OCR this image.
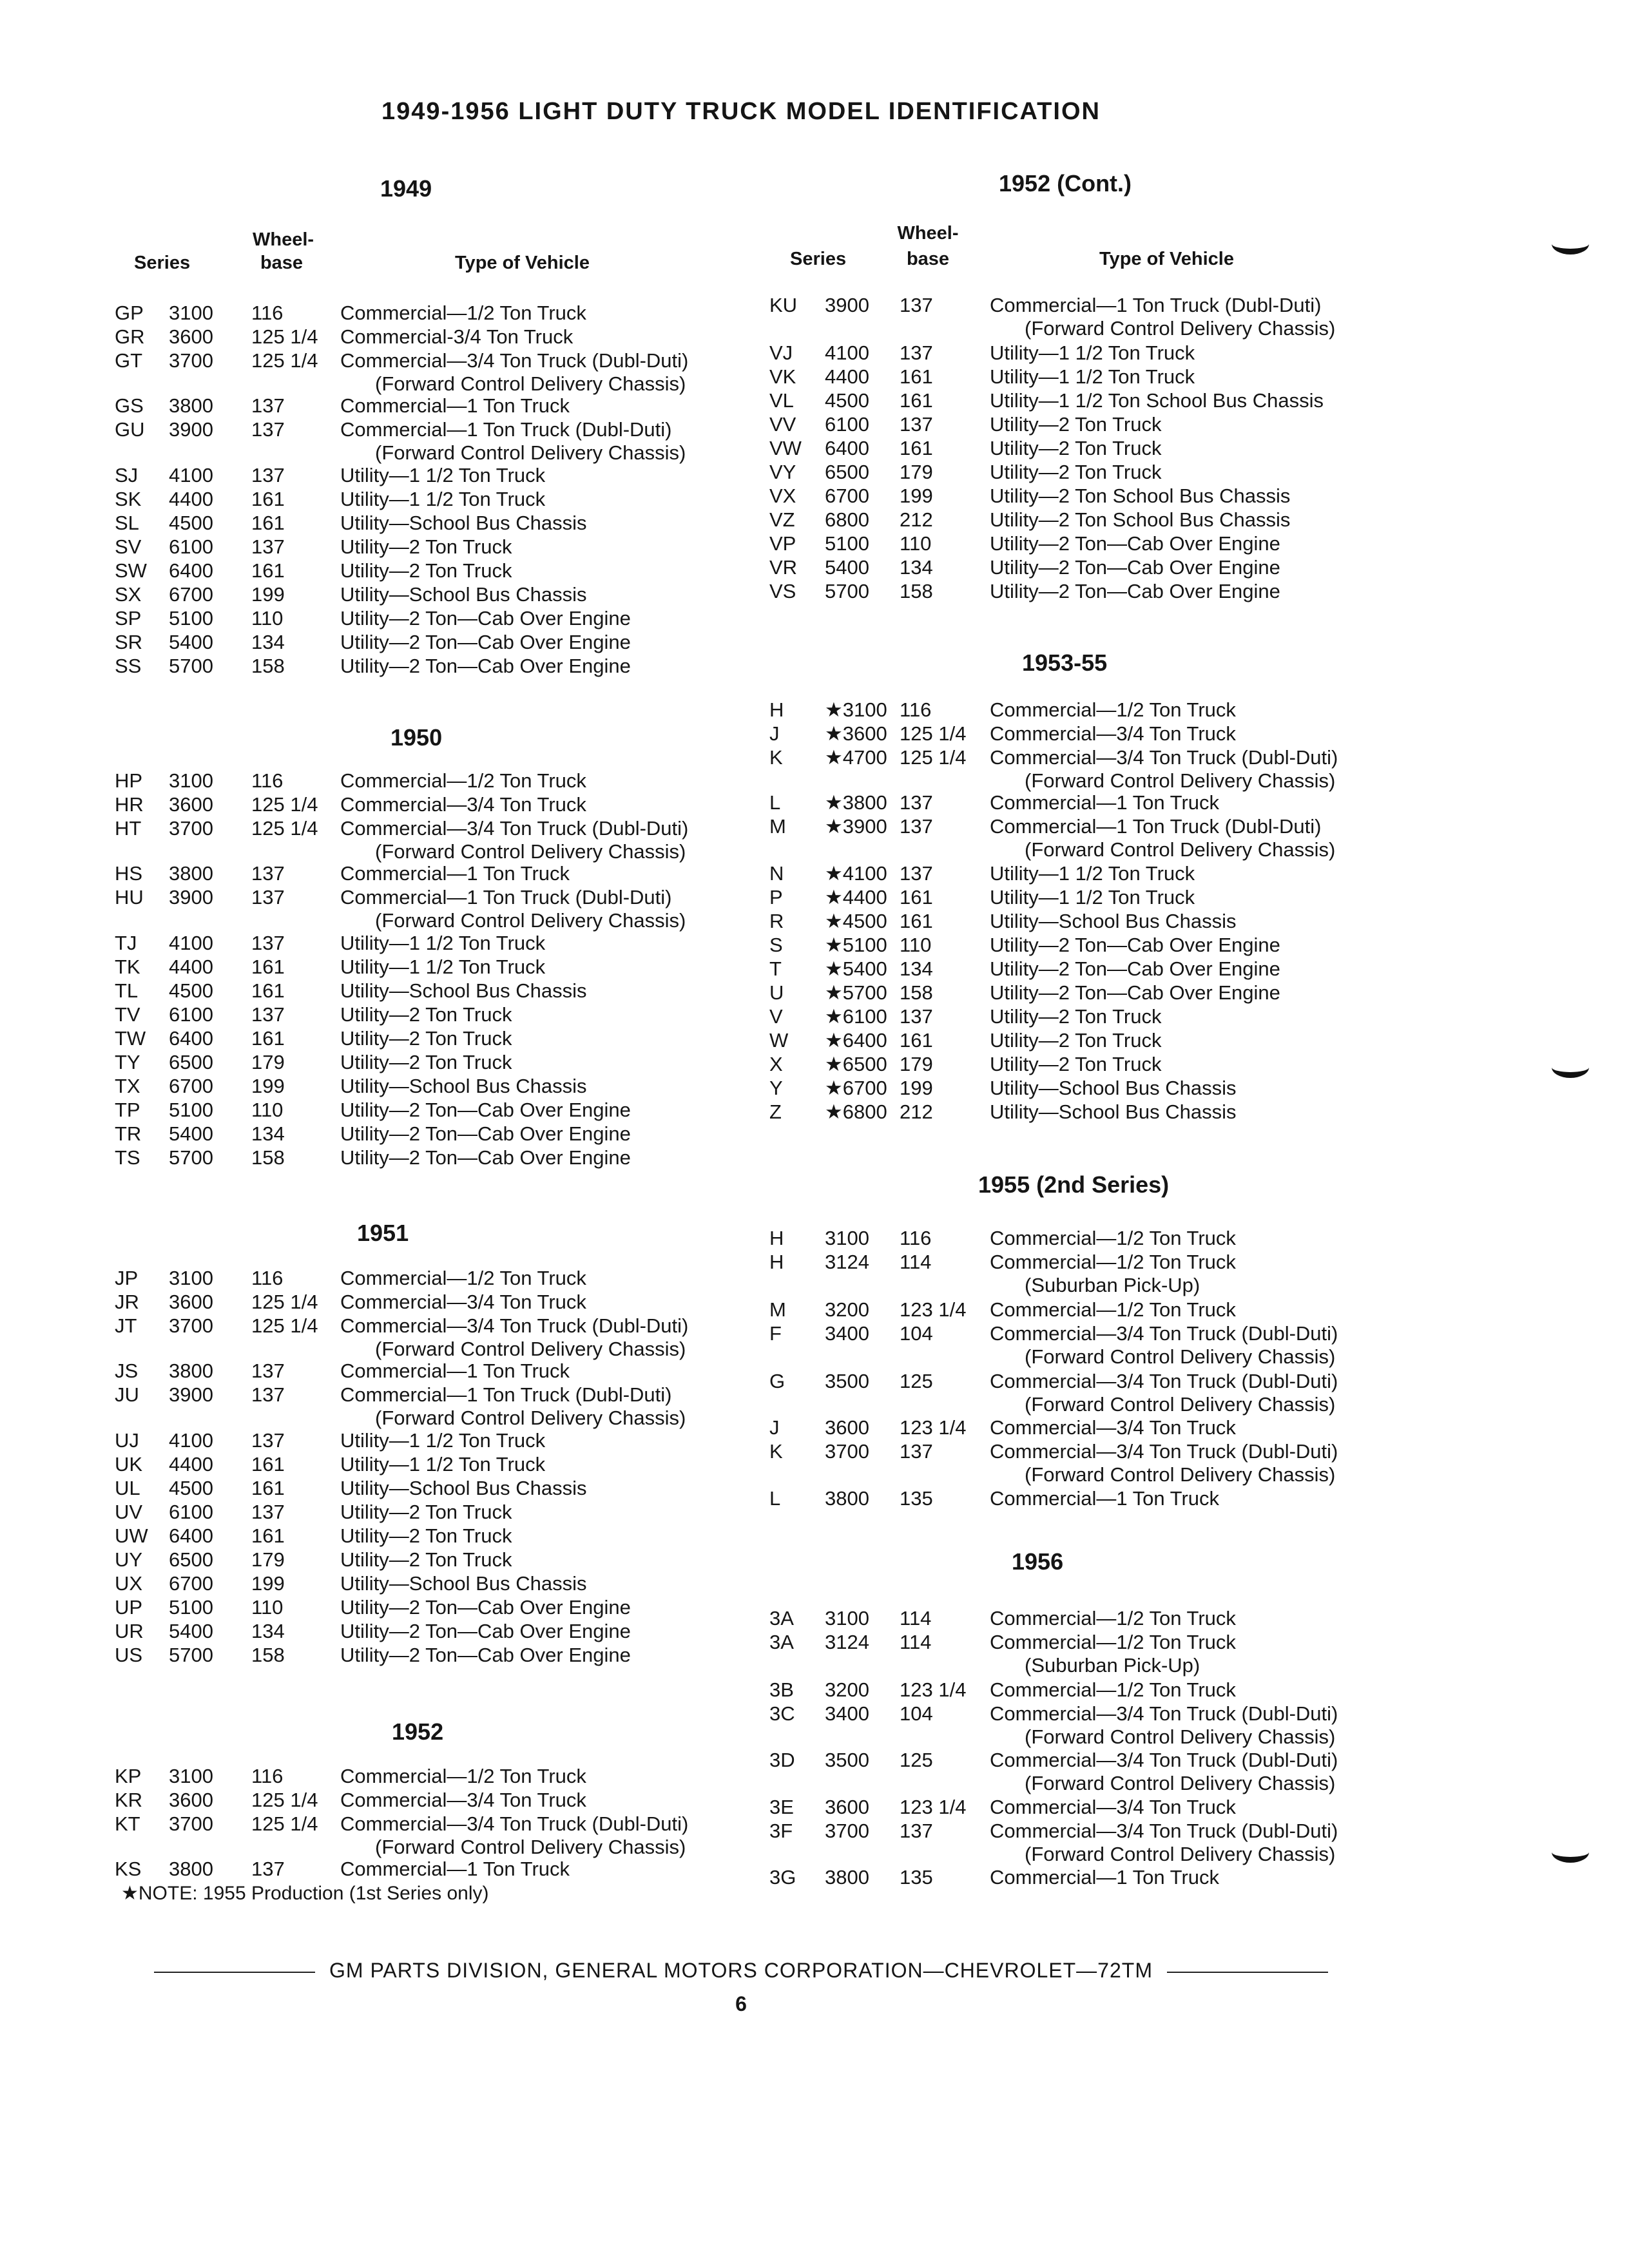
1949-1956 LIGHT DUTY TRUCK MODEL IDENTIFICATION
Wheel-
base
Series	Type of Vehicle
1949
GP 3100 116	Commercial—1/2 Ton Truck
GR 3600 125 1/4 Commercial-3/4 Ton Truck
GT 3700 125 1/4 Commercial—3/4 Ton Truck (Dubl-Duti)
(Forward Control Delivery Chassis)
GS 3800 137	Commercial—1 Ton Truck
GU 3900 137	Commercial—1 Ton Truck (Dubl-Duti)
(Forward Control Delivery Chassis)
SJ 4100 137	Utility—1 1/2 Ton Truck
SK 4400 161	Utility—1 1/2 Ton Truck
SL 4500 161	Utility—School Bus Chassis
SV 6100 137	Utility—2 Ton Truck
SW 6400 161	Utility—2 Ton Truck
SX 6700 199	Utility—School Bus Chassis
SP 5100 110	Utility—2 Ton—Cab Over Engine
SR 5400 134	Utility—2 Ton—Cab Over Engine
SS 5700 158	Utility—2 Ton—Cab Over Engine
1950
HP 3100 116	Commercial—1/2 Ton Truck
HR 3600 125 1/4 Commercial—3/4 Ton Truck
HT 3700 125 1/4 Commercial—3/4 Ton Truck (Dubl-Duti)
(Forward Control Delivery Chassis)
HS 3800 137	Commercial—1 Ton Truck
HU 3900 137	Commercial—1 Ton Truck (Dubl-Duti)
(Forward Control Delivery Chassis)
TJ 4100 137	Utility—1 1/2 Ton Truck
TK 4400 161	Utility—1 1/2 Ton Truck
TL 4500 161	Utility—School Bus Chassis
TV 6100 137	Utility—2 Ton Truck
TW 6400 161	Utility—2 Ton Truck
TY 6500 179	Utility—2 Ton Truck
TX 6700 199	Utility—School Bus Chassis
TP 5100 110	Utility—2 Ton—Cab Over Engine
TR 5400 134	Utility—2 Ton—Cab Over Engine
TS 5700 158	Utility—2 Ton—Cab Over Engine
1951
JP 3100 116	Commercial—1/2 Ton Truck
JR 3600 125 1/4 Commercial—3/4 Ton Truck
JT 3700 125 1/4 Commercial—3/4 Ton Truck (Dubl-Duti)
(Forward Control Delivery Chassis)
JS 3800 137	Commercial—1 Ton Truck
JU 3900 137	Commercial—1 Ton Truck (Dubl-Duti)
(Forward Control Delivery Chassis)
UJ 4100 137	Utility—1 1/2 Ton Truck
UK 4400 161	Utility—1 1/2 Ton Truck
UL 4500 161	Utility—School Bus Chassis
UV 6100 137	Utility—2 Ton Truck
UW 6400 161	Utility—2 Ton Truck
UY 6500 179	Utility—2 Ton Truck
UX 6700 199	Utility—School Bus Chassis
UP 5100 110	Utility—2 Ton—Cab Over Engine
UR 5400 134	Utility—2 Ton—Cab Over Engine
US 5700 158	Utility—2 Ton—Cab Over Engine
1952
KP 3100 116	Commercial—1/2 Ton Truck
KR 3600 125 1/4 Commercial—3/4 Ton Truck
KT 3700 125 1/4 Commercial—3/4 Ton Truck (Dubl-Duti)
(Forward Control Delivery Chassis)
KS 3800 137	Commercial—1 Ton Truck
★NOTE: 1955 Production (1st Series only)
Wheel-
base
Series	Type of Vehicle
1952 (Cont.)
KU 3900 137	Commercial—1 Ton Truck (Dubl-Duti)
(Forward Control Delivery Chassis)
VJ 4100 137	Utility—1 1/2 Ton Truck
VK 4400 161	Utility—1 1/2 Ton Truck
VL 4500 161	Utility—1 1/2 Ton School Bus Chassis
VV 6100 137	Utility—2 Ton Truck
VW 6400 161	Utility—2 Ton Truck
VY 6500 179	Utility—2 Ton Truck
VX 6700 199	Utility—2 Ton School Bus Chassis
VZ 6800 212	Utility—2 Ton School Bus Chassis
VP 5100 110	Utility—2 Ton—Cab Over Engine
VR 5400 134	Utility—2 Ton—Cab Over Engine
VS 5700 158	Utility—2 Ton—Cab Over Engine
1953-55
H ★3100 116	Commercial—1/2 Ton Truck
J ★3600 125 1/4 Commercial—3/4 Ton Truck
K ★4700 125 1/4 Commercial—3/4 Ton Truck (Dubl-Duti)
(Forward Control Delivery Chassis)
L ★3800 137	Commercial—1 Ton Truck
M ★3900 137	Commercial—1 Ton Truck (Dubl-Duti)
(Forward Control Delivery Chassis)
N ★4100 137	Utility—1 1/2 Ton Truck
P ★4400 161	Utility—1 1/2 Ton Truck
R ★4500 161	Utility—School Bus Chassis
S ★5100 110	Utility—2 Ton—Cab Over Engine
T ★5400 134	Utility—2 Ton—Cab Over Engine
U ★5700 158	Utility—2 Ton—Cab Over Engine
V ★6100 137	Utility—2 Ton Truck
W ★6400 161	Utility—2 Ton Truck
X ★6500 179	Utility—2 Ton Truck
Y ★6700 199	Utility—School Bus Chassis
Z ★6800 212	Utility—School Bus Chassis
1955 (2nd Series)
H 3100 116	Commercial—1/2 Ton Truck
H 3124 114	Commercial—1/2 Ton Truck
(Suburban Pick-Up)
M 3200 123 1/4 Commercial—1/2 Ton Truck
F 3400 104	Commercial—3/4 Ton Truck (Dubl-Duti)
(Forward Control Delivery Chassis)
G 3500 125	Commercial—3/4 Ton Truck (Dubl-Duti)
(Forward Control Delivery Chassis)
J 3600 123 1/4 Commercial—3/4 Ton Truck
K 3700 137	Commercial—3/4 Ton Truck (Dubl-Duti)
(Forward Control Delivery Chassis)
L 3800 135	Commercial—1 Ton Truck
1956
3A 3100 114	Commercial—1/2 Ton Truck
3A 3124 114	Commercial—1/2 Ton Truck
(Suburban Pick-Up)
3B 3200 123 1/4 Commercial—1/2 Ton Truck
3C 3400 104	Commercial—3/4 Ton Truck (Dubl-Duti)
(Forward Control Delivery Chassis)
3D 3500 125	Commercial—3/4 Ton Truck (Dubl-Duti)
(Forward Control Delivery Chassis)
3E 3600 123 1/4 Commercial—3/4 Ton Truck
3F 3700 137	Commercial—3/4 Ton Truck (Dubl-Duti)
(Forward Control Delivery Chassis)
3G 3800 135	Commercial—1 Ton Truck
GM PARTS DIVISION, GENERAL MOTORS CORPORATION—CHEVROLET—72TM
6
